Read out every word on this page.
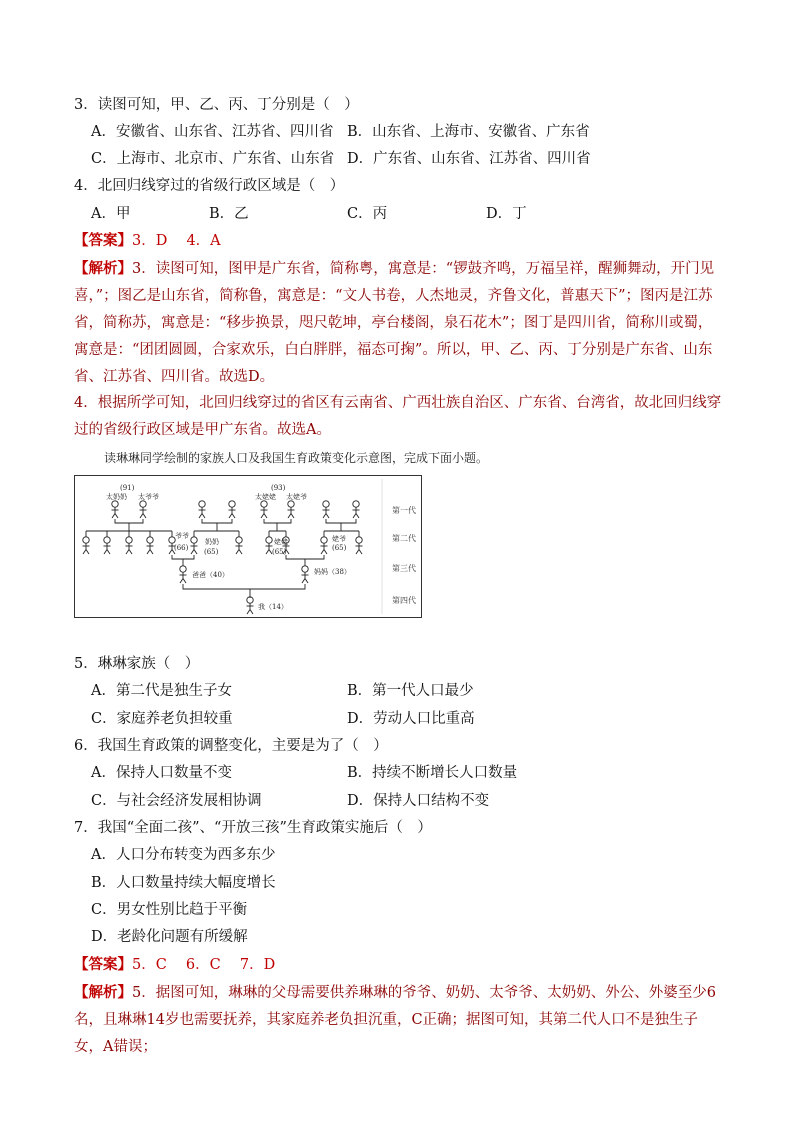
3．读图可知，甲、乙、丙、丁分别是（　）
A．安徽省、山东省、江苏省、四川省 B．山东省、上海市、安徽省、广东省
C．上海市、北京市、广东省、山东省 D．广东省、山东省、江苏省、四川省
4．北回归线穿过的省级行政区域是（　）
A．甲	B．乙	C．丙	D．丁
【答案】3．D　 4．A
【解析】3．读图可知，图甲是广东省，简称粤，寓意是：“锣鼓齐鸣，万福呈祥，醒狮舞动，开门见喜，”；图乙是山东省，简称鲁，寓意是：“文人书卷，人杰地灵，齐鲁文化，普惠天下”；图丙是江苏省，简称苏，寓意是：“移步换景，咫尺乾坤，亭台楼阁，泉石花木”；图丁是四川省，简称川或蜀，寓意是：“团团圆圆，合家欢乐，白白胖胖，福态可掬”。所以，甲、乙、丙、丁分别是广东省、山东省、江苏省、四川省。故选D。
4．根据所学可知，北回归线穿过的省区有云南省、广西壮族自治区、广东省、台湾省，故北回归线穿过的省级行政区域是甲广东省。故选A。
读琳琳同学绘制的家族人口及我国生育政策变化示意图，完成下面小题。
第一代
第二代
第三代
第四代
(91)
太奶奶 太爷爷
(93)
太姥姥 太姥爷
爷爷
(66)
奶奶
(65)
姥姥
(65)
姥爷
(65)
爸爸（40）	妈妈（38）
我（14）
5．琳琳家族（　）
A．第二代是独生子女	B．第一代人口最少
C．家庭养老负担较重	D．劳动人口比重高
6．我国生育政策的调整变化，主要是为了（　）
A．保持人口数量不变	B．持续不断增长人口数量
C．与社会经济发展相协调	D．保持人口结构不变
7．我国“全面二孩”、“开放三孩”生育政策实施后（　）
A．人口分布转变为西多东少
B．人口数量持续大幅度增长
C．男女性别比趋于平衡
D．老龄化问题有所缓解
【答案】5．C　 6．C　 7．D
【解析】5．据图可知，琳琳的父母需要供养琳琳的爷爷、奶奶、太爷爷、太奶奶、外公、外婆至少6名，且琳琳14岁也需要抚养，其家庭养老负担沉重，C正确；据图可知，其第二代人口不是独生子女，A错误；
